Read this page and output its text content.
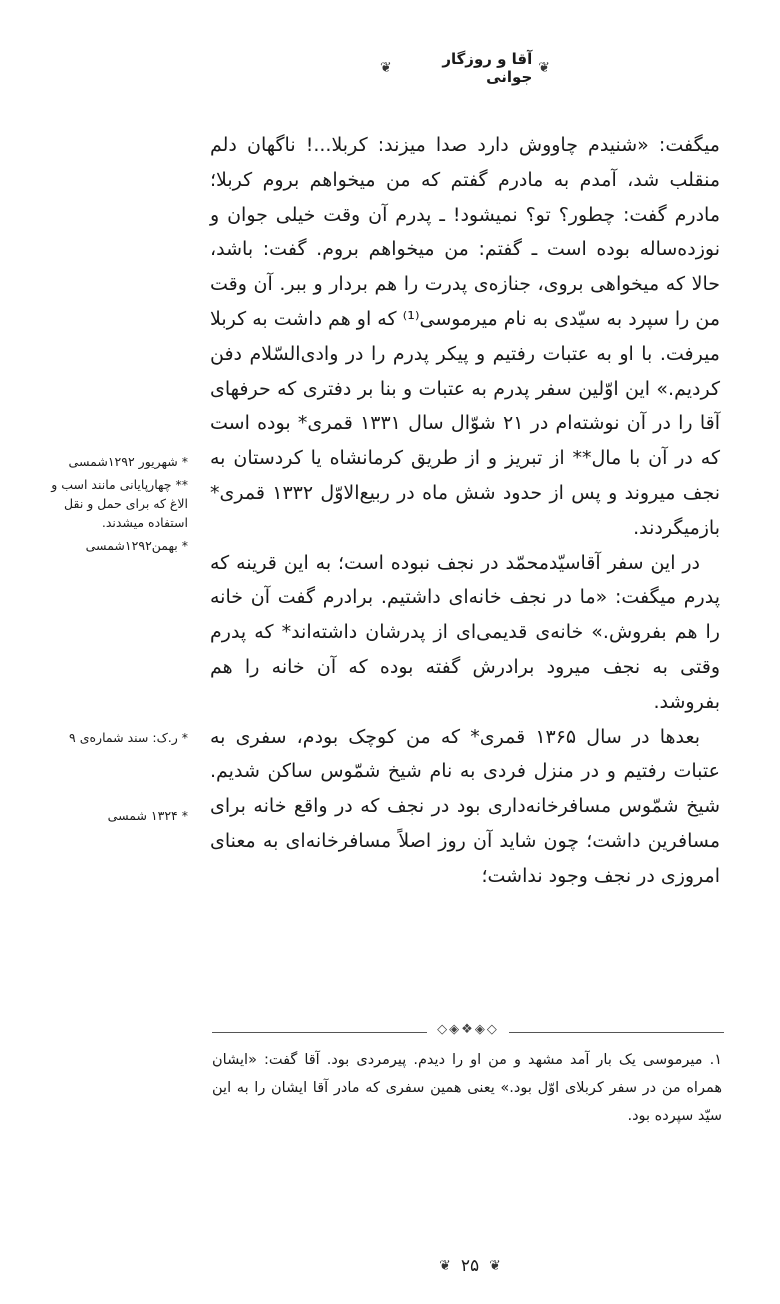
❦
آقا و روزگار جوانی
❦

میگفت: «شنیدم چاووش دارد صدا میزند: کربلا...! ناگهان دلم منقلب شد، آمدم به مادرم گفتم که من میخواهم بروم کربلا؛ مادرم گفت: چطور؟ تو؟ نمیشود! ـ پدرم آن وقت خیلی جوان و نوزده‌ساله بوده است ـ گفتم: من میخواهم بروم. گفت: باشد، حالا که میخواهی بروی، جنازه‌ی پدرت را هم بردار و ببر. آن وقت من را سپرد به سیّدی به نام میرموسی⁽¹⁾ که او هم داشت به کربلا میرفت. با او به عتبات رفتیم و پیکر پدرم را در وادی‌السّلام دفن کردیم.» این اوّلین سفر پدرم به عتبات و بنا بر دفتری که حرفهای آقا را در آن نوشته‌ام در ۲۱ شوّال سال ۱۳۳۱ قمری* بوده است که در آن با مال** از تبریز و از طریق کرمانشاه یا کردستان به نجف میروند و پس از حدود شش ماه در ربیع‌الاوّل ۱۳۳۲ قمری* بازمیگردند.

در این سفر آقاسیّدمحمّد در نجف نبوده است؛ به این قرینه که پدرم میگفت: «ما در نجف خانه‌ای داشتیم. برادرم گفت آن خانه را هم بفروش.» خانه‌ی قدیمی‌ای از پدرشان داشته‌اند* که پدرم وقتی به نجف میرود برادرش گفته بوده که آن خانه را هم بفروشد.

بعدها در سال ۱۳۶۵ قمری* که من کوچک بودم، سفری به عتبات رفتیم و در منزل فردی به نام شیخ شمّوس ساکن شدیم. شیخ شمّوس مسافرخانه‌داری بود در نجف که در واقع خانه برای مسافرین داشت؛ چون شاید آن روز اصلاً مسافرخانه‌ای به معنای امروزی در نجف وجود نداشت؛

* شهریور ۱۲۹۲شمسی

** چهارپایانی مانند اسب و الاغ که برای حمل و نقل استفاده میشدند.

* بهمن۱۲۹۲شمسی

* ر.ک: سند شماره‌ی ۹

* ۱۳۲۴ شمسی

◇◈❖◈◇

۱. میرموسی یک بار آمد مشهد و من او را دیدم. پیرمردی بود. آقا گفت: «ایشان همراه من در سفر کربلای اوّل بود.» یعنی همین سفری که مادر آقا ایشان را به این سیّد سپرده بود.

❦ ۲۵ ❦
